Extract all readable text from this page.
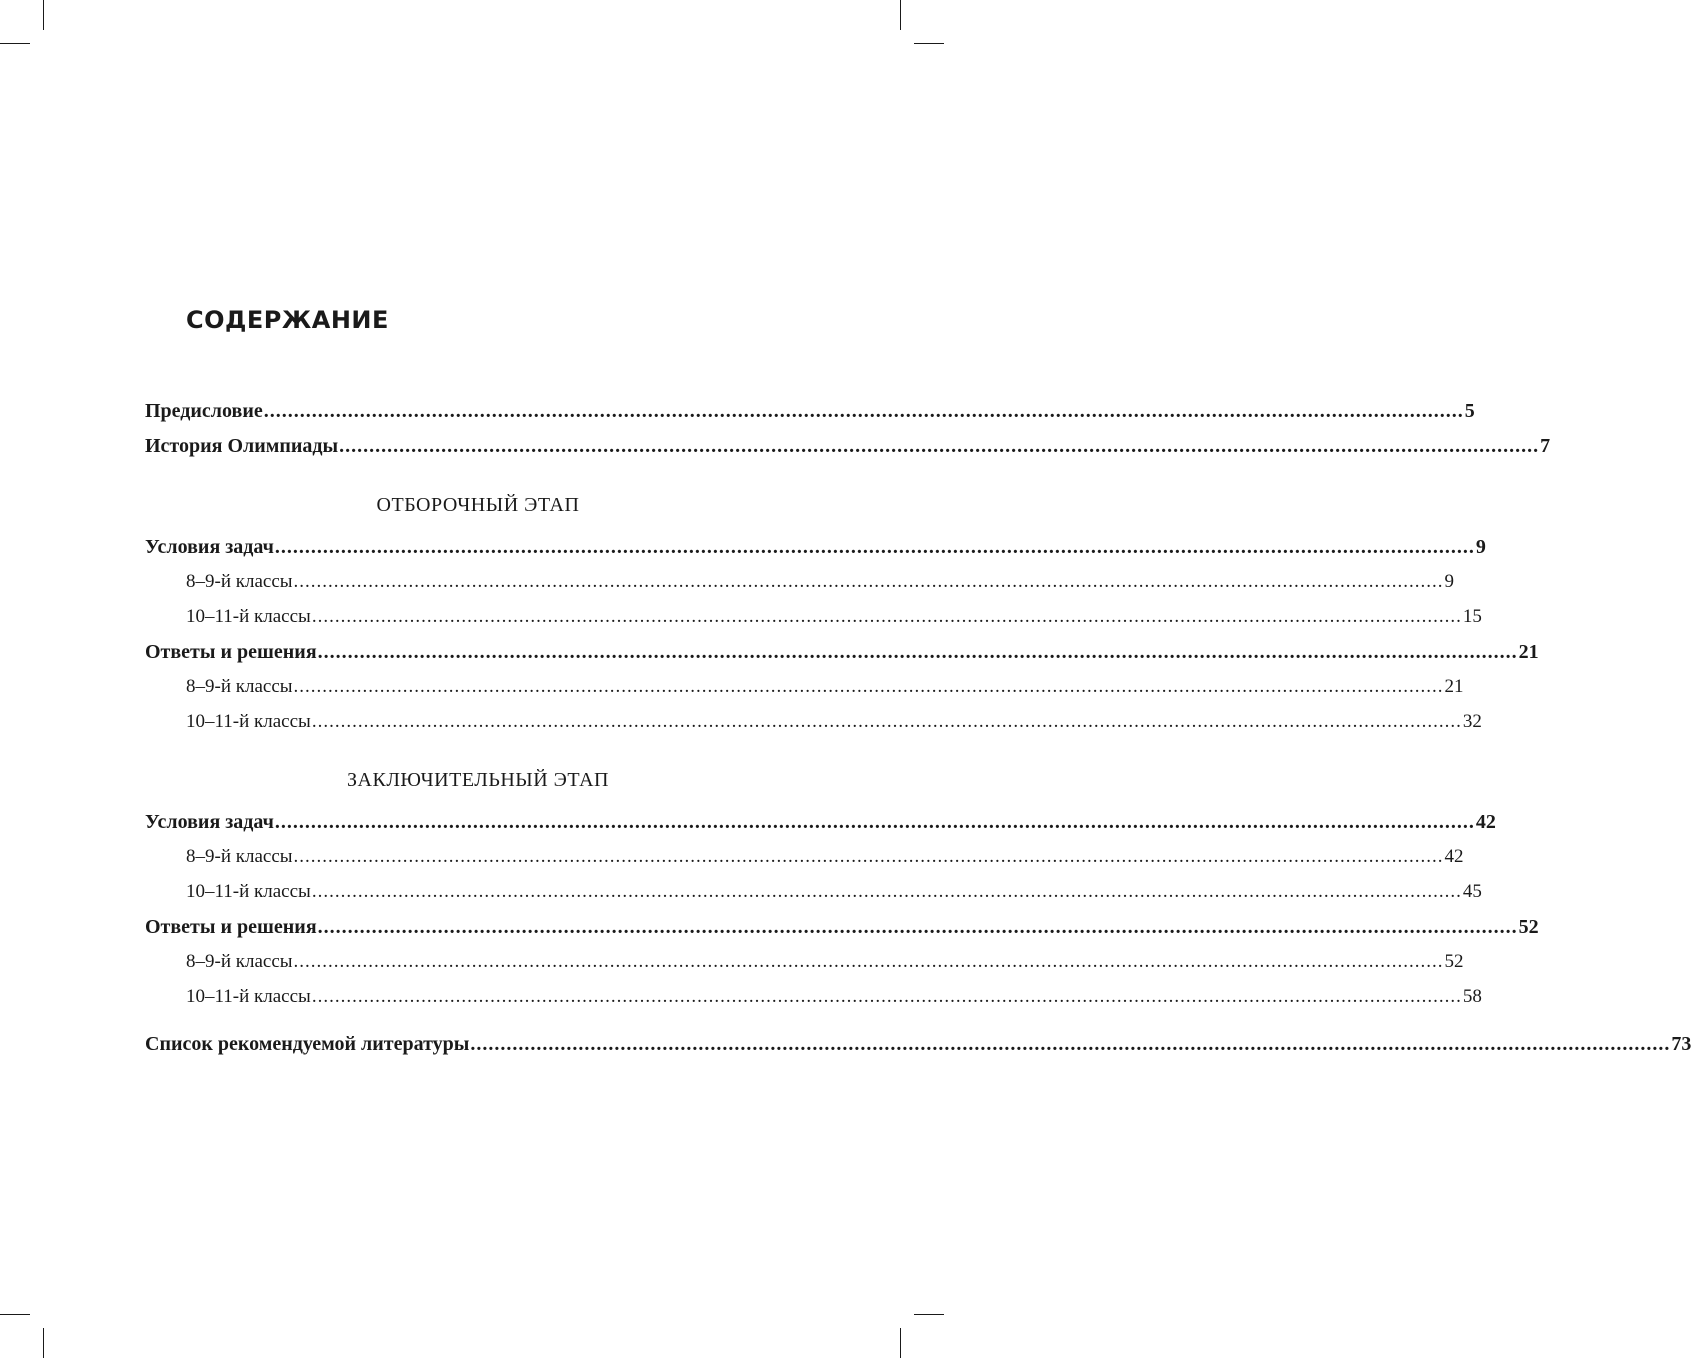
СОДЕРЖАНИЕ
Предисловие ........................................................................................................................................................................................................ 5
История Олимпиады ........................................................................................................................................................................................................ 7
ОТБОРОЧНЫЙ ЭТАП
Условия задач ........................................................................................................................................................................................................ 9
8–9-й классы ........................................................................................................................................................................................................ 9
10–11-й классы ........................................................................................................................................................................................................ 15
Ответы и решения ........................................................................................................................................................................................................ 21
8–9-й классы ........................................................................................................................................................................................................ 21
10–11-й классы ........................................................................................................................................................................................................ 32
ЗАКЛЮЧИТЕЛЬНЫЙ ЭТАП
Условия задач ........................................................................................................................................................................................................ 42
8–9-й классы ........................................................................................................................................................................................................ 42
10–11-й классы ........................................................................................................................................................................................................ 45
Ответы и решения ........................................................................................................................................................................................................ 52
8–9-й классы ........................................................................................................................................................................................................ 52
10–11-й классы ........................................................................................................................................................................................................ 58
Список рекомендуемой литературы ........................................................................................................................................................................................................ 73
